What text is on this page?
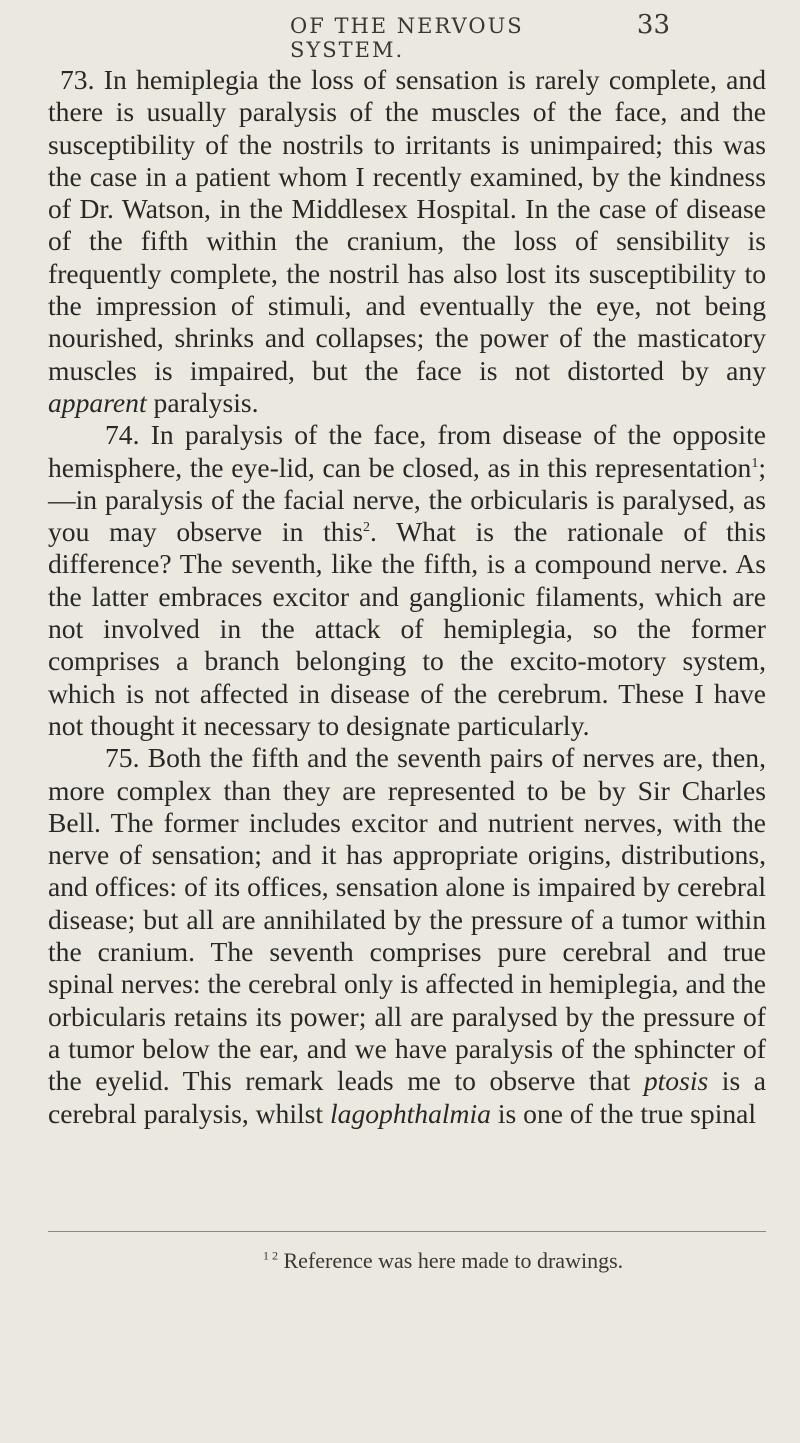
OF THE NERVOUS SYSTEM.
33

73. In hemiplegia the loss of sensation is rarely complete, and there is usually paralysis of the muscles of the face, and the susceptibility of the nostrils to irritants is unimpaired; this was the case in a patient whom I recently examined, by the kindness of Dr. Watson, in the Middlesex Hospital. In the case of disease of the fifth within the cranium, the loss of sensibility is frequently complete, the nostril has also lost its susceptibility to the impression of stimuli, and eventually the eye, not being nourished, shrinks and collapses; the power of the masticatory muscles is impaired, but the face is not distorted by any apparent paralysis.

74. In paralysis of the face, from disease of the opposite hemisphere, the eye-lid, can be closed, as in this representation$^1$;—in paralysis of the facial nerve, the orbicularis is paralysed, as you may observe in this$^2$. What is the rationale of this difference? The seventh, like the fifth, is a compound nerve. As the latter embraces excitor and ganglionic filaments, which are not involved in the attack of hemiplegia, so the former comprises a branch belonging to the excito-motory system, which is not affected in disease of the cerebrum. These I have not thought it necessary to designate particularly.

75. Both the fifth and the seventh pairs of nerves are, then, more complex than they are represented to be by Sir Charles Bell. The former includes excitor and nutrient nerves, with the nerve of sensation; and it has appropriate origins, distributions, and offices: of its offices, sensation alone is impaired by cerebral disease; but all are annihilated by the pressure of a tumor within the cranium. The seventh comprises pure cerebral and true spinal nerves: the cerebral only is affected in hemiplegia, and the orbicularis retains its power; all are paralysed by the pressure of a tumor below the ear, and we have paralysis of the sphincter of the eyelid. This remark leads me to observe that ptosis is a cerebral paralysis, whilst lagophthalmia is one of the true spinal

$^{1 2}$ Reference was here made to drawings.
